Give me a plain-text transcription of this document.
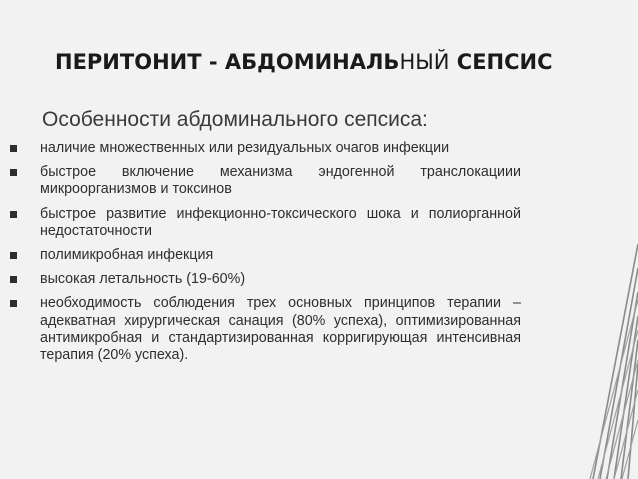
ПЕРИТОНИТ - АБДОМИНАЛЬНЫЙ СЕПСИС
Особенности абдоминального сепсиса:
наличие множественных или резидуальных очагов инфекции
быстрое включение механизма эндогенной транслокациии микроорганизмов и токсинов
быстрое развитие инфекционно-токсического шока и полиорганной недостаточности
полимикробная инфекция
высокая летальность (19-60%)
необходимость соблюдения трех основных принципов терапии – адекватная хирургическая санация (80% успеха), оптимизированная антимикробная и стандартизированная корригирующая интенсивная терапия (20% успеха).
